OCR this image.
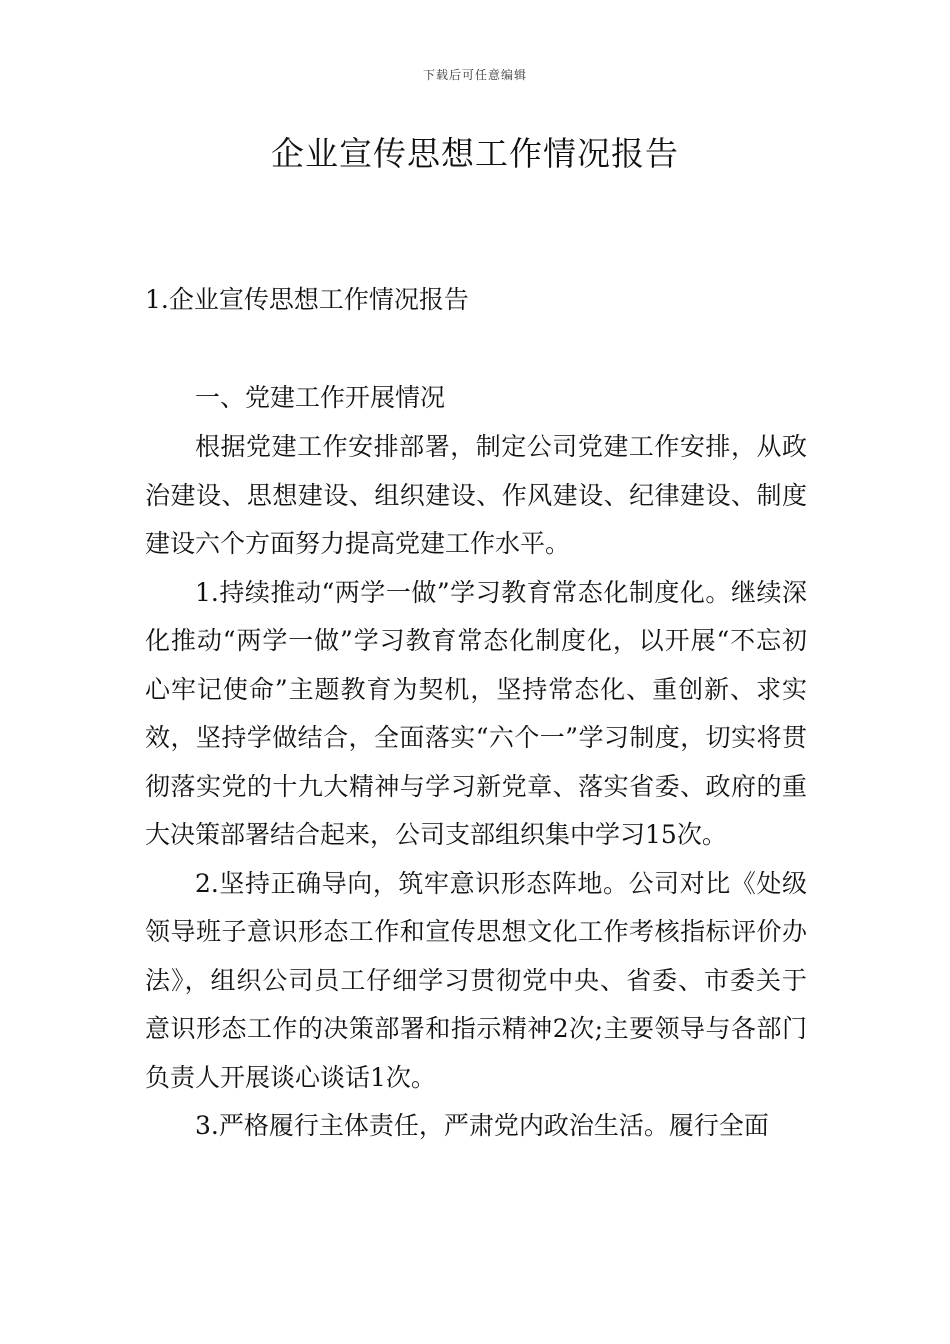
下载后可任意编辑
企业宣传思想工作情况报告

1.企业宣传思想工作情况报告

一、党建工作开展情况

根据党建工作安排部署，制定公司党建工作安排，从政治建设、思想建设、组织建设、作风建设、纪律建设、制度建设六个方面努力提高党建工作水平。

1.持续推动“两学一做”学习教育常态化制度化。继续深化推动“两学一做”学习教育常态化制度化，以开展“不忘初心牢记使命”主题教育为契机，坚持常态化、重创新、求实效，坚持学做结合，全面落实“六个一”学习制度，切实将贯彻落实党的十九大精神与学习新党章、落实省委、政府的重大决策部署结合起来，公司支部组织集中学习15次。

2.坚持正确导向，筑牢意识形态阵地。公司对比《处级领导班子意识形态工作和宣传思想文化工作考核指标评价办法》，组织公司员工仔细学习贯彻党中央、省委、市委关于意识形态工作的决策部署和指示精神2次;主要领导与各部门负责人开展谈心谈话1次。

3.严格履行主体责任，严肃党内政治生活。履行全面
